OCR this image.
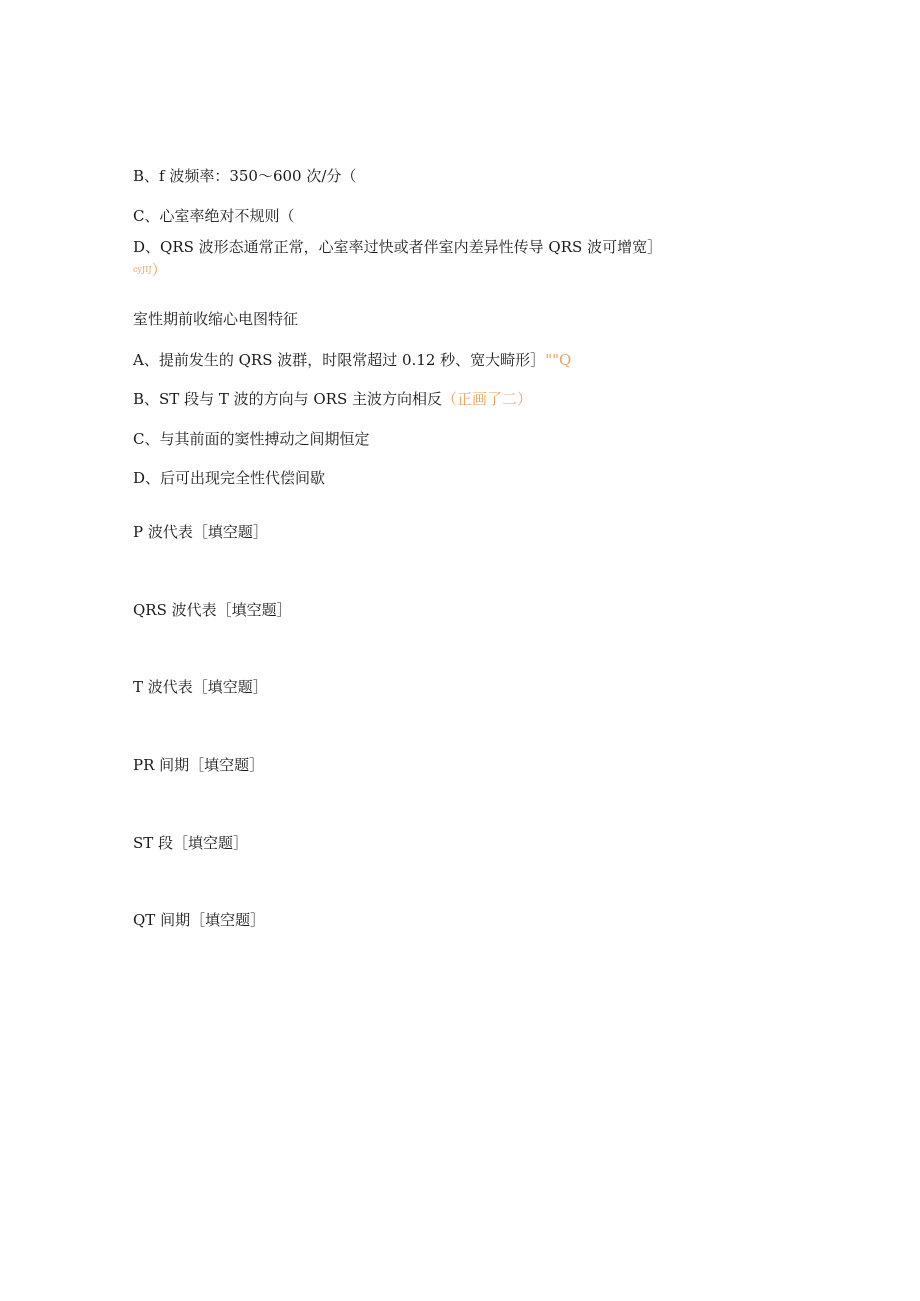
B、f 波频率：350～600 次/分（
C、心室率绝对不规则（
D、QRS 波形态通常正常，心室率过快或者伴室内差异性传导 QRS 波可增宽］
cyJIJ）
室性期前收缩心电图特征
A、提前发生的 QRS 波群，时限常超过 0.12 秒、宽大畸形］""Q
B、ST 段与 T 波的方向与 ORS 主波方向相反（正画了二）
C、与其前面的窦性搏动之间期恒定
D、后可出现完全性代偿间歇
P 波代表［填空题］
QRS 波代表［填空题］
T 波代表［填空题］
PR 间期［填空题］
ST 段［填空题］
QT 间期［填空题］
